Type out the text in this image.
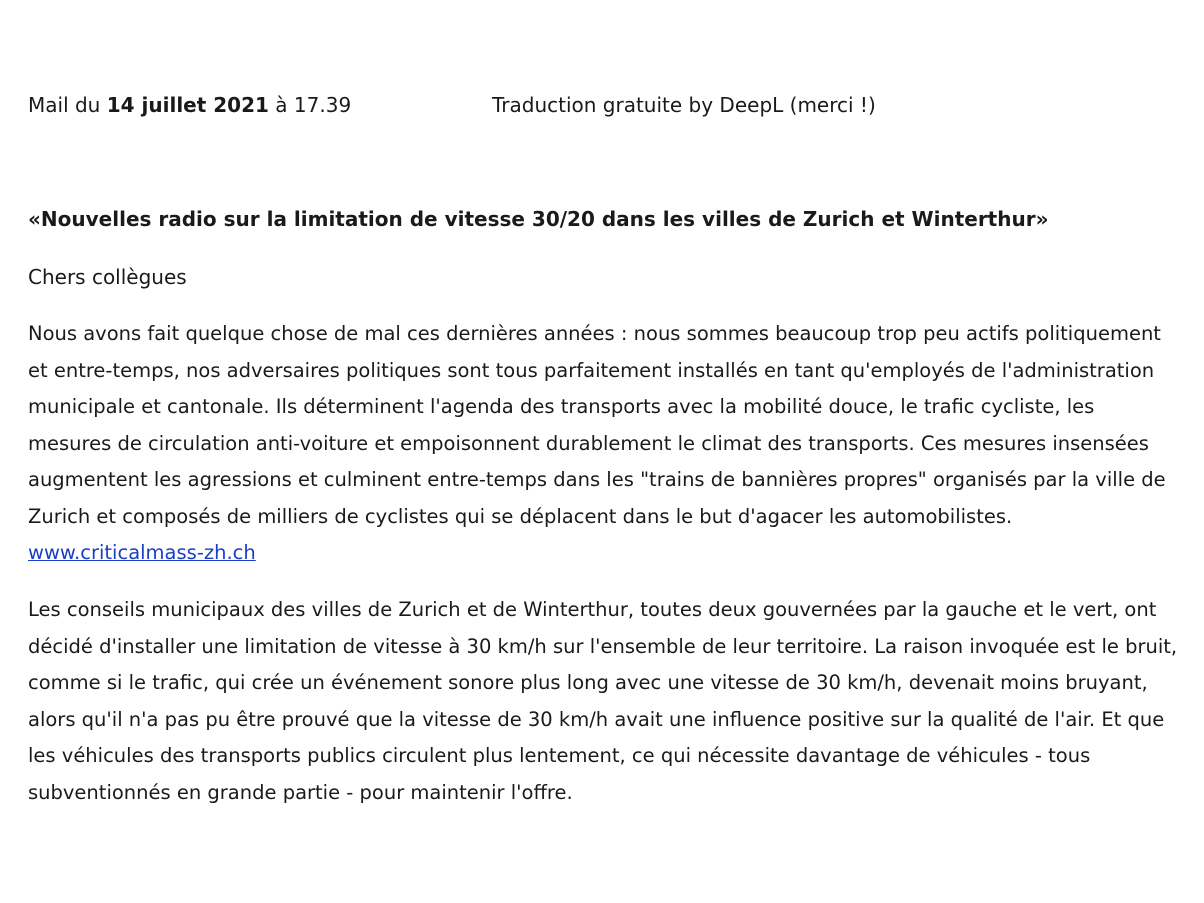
Mail du 14 juillet 2021 à 17.39	Traduction gratuite by DeepL (merci !)
«Nouvelles radio sur la limitation de vitesse 30/20 dans les villes de Zurich et Winterthur»
Chers collègues
Nous avons fait quelque chose de mal ces dernières années : nous sommes beaucoup trop peu actifs politiquement et entre-temps, nos adversaires politiques sont tous parfaitement installés en tant qu'employés de l'administration municipale et cantonale. Ils déterminent l'agenda des transports avec la mobilité douce, le trafic cycliste, les mesures de circulation anti-voiture et empoisonnent durablement le climat des transports. Ces mesures insensées augmentent les agressions et culminent entre-temps dans les "trains de bannières propres" organisés par la ville de Zurich et composés de milliers de cyclistes qui se déplacent dans le but d'agacer les automobilistes. www.criticalmass-zh.ch
Les conseils municipaux des villes de Zurich et de Winterthur, toutes deux gouvernées par la gauche et le vert, ont décidé d'installer une limitation de vitesse à 30 km/h sur l'ensemble de leur territoire. La raison invoquée est le bruit, comme si le trafic, qui crée un événement sonore plus long avec une vitesse de 30 km/h, devenait moins bruyant, alors qu'il n'a pas pu être prouvé que la vitesse de 30 km/h avait une influence positive sur la qualité de l'air. Et que les véhicules des transports publics circulent plus lentement, ce qui nécessite davantage de véhicules - tous subventionnés en grande partie - pour maintenir l'offre.
